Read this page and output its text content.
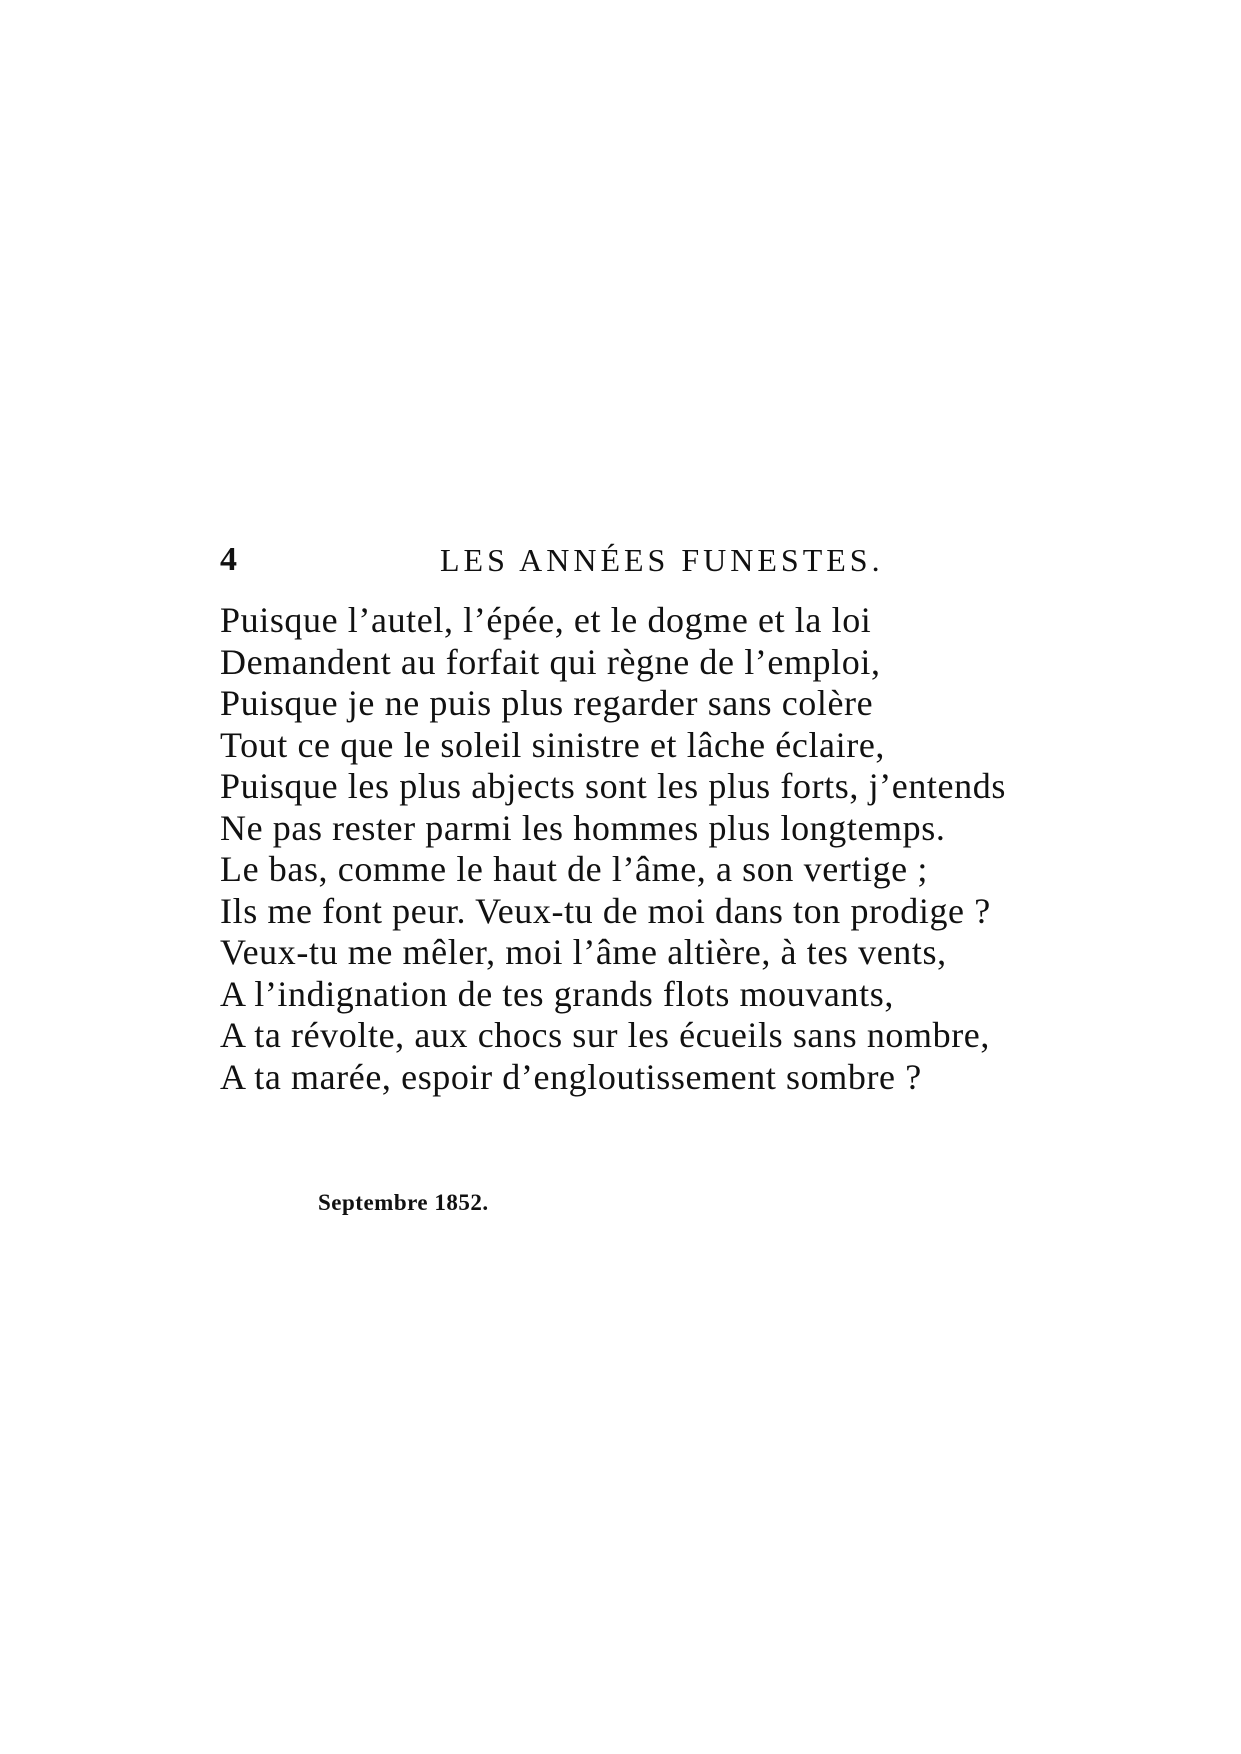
4	LES ANNÉES FUNESTES.
Puisque l’autel, l’épée, et le dogme et la loi
Demandent au forfait qui règne de l’emploi,
Puisque je ne puis plus regarder sans colère
Tout ce que le soleil sinistre et lâche éclaire,
Puisque les plus abjects sont les plus forts, j’entends
Ne pas rester parmi les hommes plus longtemps.
Le bas, comme le haut de l’âme, a son vertige ;
Ils me font peur. Veux-tu de moi dans ton prodige ?
Veux-tu me mêler, moi l’âme altière, à tes vents,
A l’indignation de tes grands flots mouvants,
A ta révolte, aux chocs sur les écueils sans nombre,
A ta marée, espoir d’engloutissement sombre ?
Septembre 1852.
